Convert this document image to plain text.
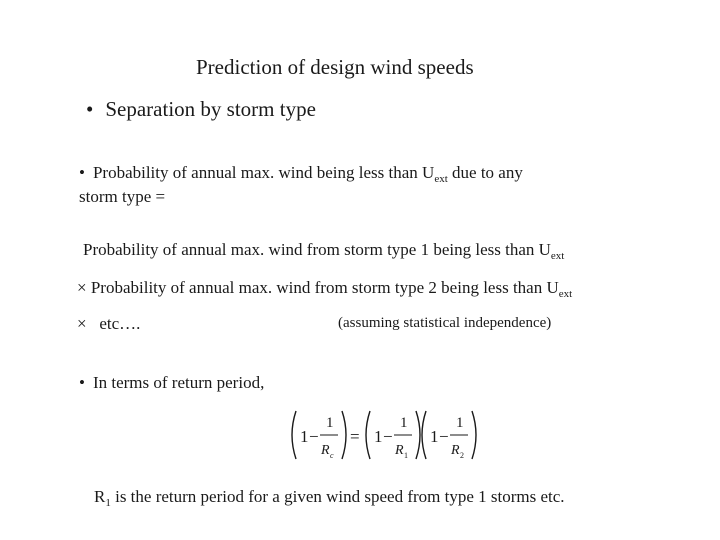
Prediction of design wind speeds
• Separation by storm type
• Probability of annual max. wind being less than $U_{ext}$ due to any
storm type =
Probability of annual max. wind from storm type 1 being less than $U_{ext}$
× Probability of annual max. wind from storm type 2 being less than $U_{ext}$
× etc….	(assuming statistical independence)
• In terms of return period,
1 −
1
R c
= 1 −
1
R 1
1 −
1
R 2
$R_1$ is the return period for a given wind speed from type 1 storms etc.
